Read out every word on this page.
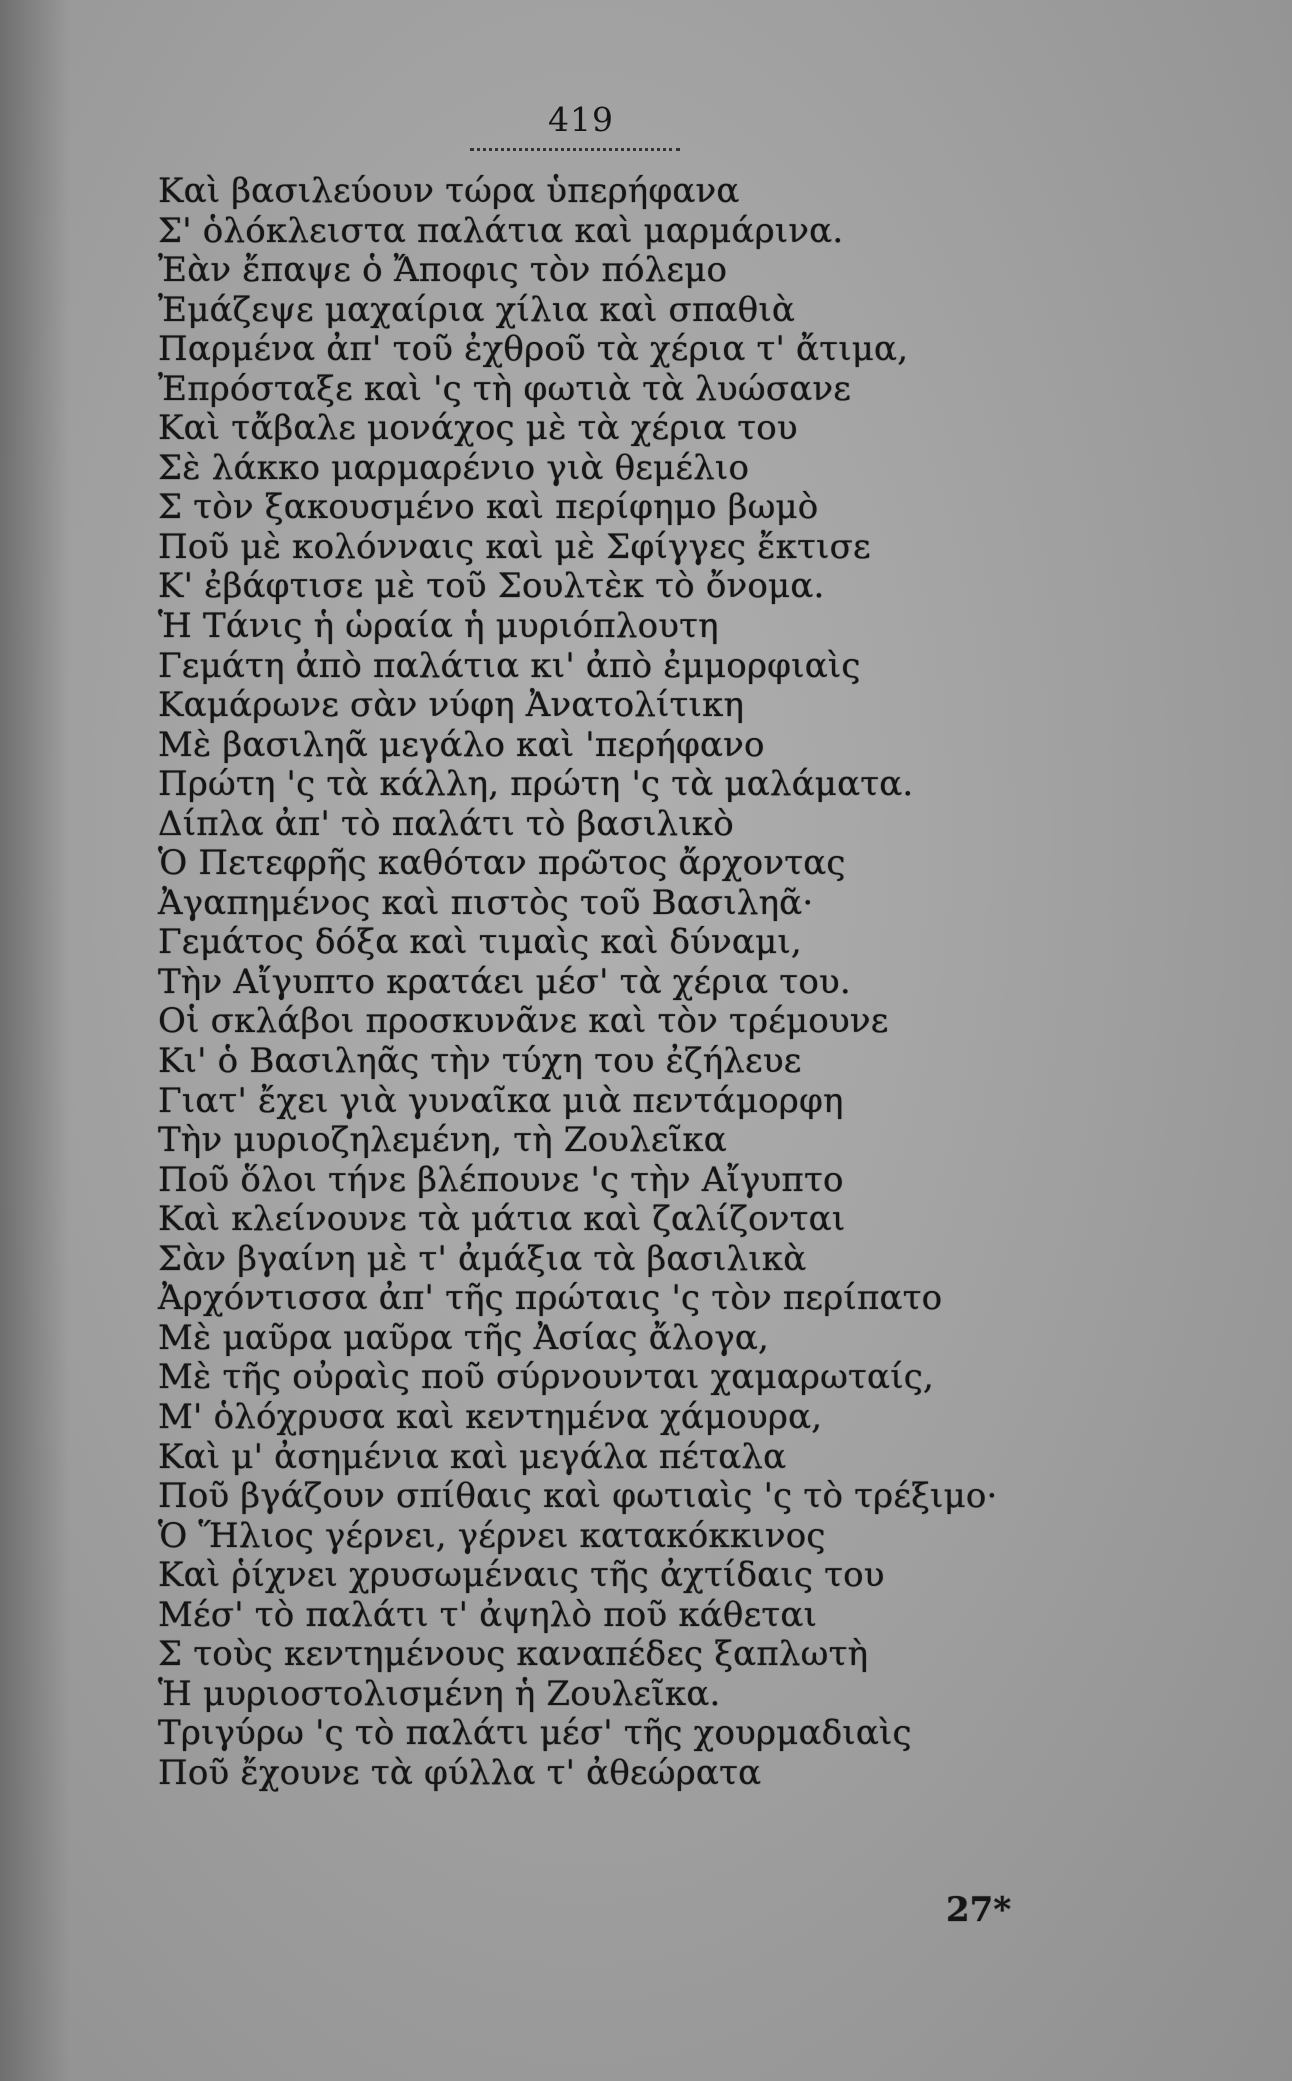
419
Καὶ βασιλεύουν τώρα ὑπερήφανα
Σ' ὁλόκλειστα παλάτια καὶ μαρμάρινα.
Ἐὰν ἔπαψε ὁ Ἄποφις τὸν πόλεμο
Ἐμάζεψε μαχαίρια χίλια καὶ σπαθιὰ
Παρμένα ἀπ' τοῦ ἐχθροῦ τὰ χέρια τ' ἄτιμα,
Ἐπρόσταξε καὶ 'ς τὴ φωτιὰ τὰ λυώσανε
Καὶ τἄβαλε μονάχος μὲ τὰ χέρια του
Σὲ λάκκο μαρμαρένιο γιὰ θεμέλιο
Σ τὸν ξακουσμένο καὶ περίφημο βωμὸ
Ποῦ μὲ κολόνναις καὶ μὲ Σφίγγες ἔκτισε
Κ' ἐβάφτισε μὲ τοῦ Σουλτὲκ τὸ ὄνομα.
Ἡ Τάνις ἡ ὡραία ἡ μυριόπλουτη
Γεμάτη ἀπὸ παλάτια κι' ἀπὸ ἐμμορφιαὶς
Καμάρωνε σὰν νύφη Ἀνατολίτικη
Μὲ βασιληᾶ μεγάλο καὶ 'περήφανο
Πρώτη 'ς τὰ κάλλη, πρώτη 'ς τὰ μαλάματα.
Δίπλα ἀπ' τὸ παλάτι τὸ βασιλικὸ
Ὁ Πετεφρῆς καθόταν πρῶτος ἄρχοντας
Ἀγαπημένος καὶ πιστὸς τοῦ Βασιληᾶ·
Γεμάτος δόξα καὶ τιμαὶς καὶ δύναμι,
Τὴν Αἴγυπτο κρατάει μέσ' τὰ χέρια του.
Οἱ σκλάβοι προσκυνᾶνε καὶ τὸν τρέμουνε
Κι' ὁ Βασιληᾶς τὴν τύχη του ἐζήλευε
Γιατ' ἔχει γιὰ γυναῖκα μιὰ πεντάμορφη
Τὴν μυριοζηλεμένη, τὴ Ζουλεῖκα
Ποῦ ὅλοι τήνε βλέπουνε 'ς τὴν Αἴγυπτο
Καὶ κλείνουνε τὰ μάτια καὶ ζαλίζονται
Σὰν βγαίνη μὲ τ' ἀμάξια τὰ βασιλικὰ
Ἀρχόντισσα ἀπ' τῆς πρώταις 'ς τὸν περίπατο
Μὲ μαῦρα μαῦρα τῆς Ἀσίας ἄλογα,
Μὲ τῆς οὐραὶς ποῦ σύρνουνται χαμαρωταίς,
Μ' ὁλόχρυσα καὶ κεντημένα χάμουρα,
Καὶ μ' ἀσημένια καὶ μεγάλα πέταλα
Ποῦ βγάζουν σπίθαις καὶ φωτιαὶς 'ς τὸ τρέξιμο·
Ὁ Ἥλιος γέρνει, γέρνει κατακόκκινος
Καὶ ῥίχνει χρυσωμέναις τῆς ἀχτίδαις του
Μέσ' τὸ παλάτι τ' ἀψηλὸ ποῦ κάθεται
Σ τοὺς κεντημένους καναπέδες ξαπλωτὴ
Ἡ μυριοστολισμένη ἡ Ζουλεῖκα.
Τριγύρω 'ς τὸ παλάτι μέσ' τῆς χουρμαδιαὶς
Ποῦ ἔχουνε τὰ φύλλα τ' ἀθεώρατα
27*
